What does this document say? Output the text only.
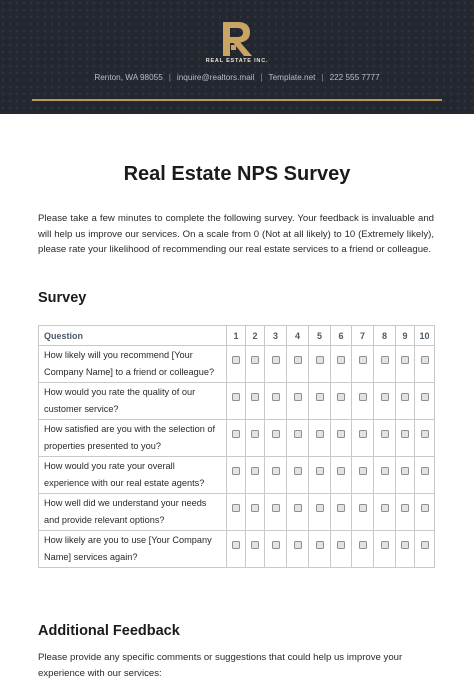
REAL ESTATE INC.
Renton, WA 98055 | inquire@realtors.mail | Template.net | 222 555 7777
Real Estate NPS Survey
Please take a few minutes to complete the following survey. Your feedback is invaluable and will help us improve our services. On a scale from 0 (Not at all likely) to 10 (Extremely likely), please rate your likelihood of recommending our real estate services to a friend or colleague.
Survey
Question	1	2	3	4	5	6	7	8	9	10
How likely will you recommend [Your Company Name] to a friend or colleague?										
How would you rate the quality of our customer service?										
How satisfied are you with the selection of properties presented to you?										
How would you rate your overall experience with our real estate agents?										
How well did we understand your needs and provide relevant options?										
How likely are you to use [Your Company Name] services again?										
Additional Feedback
Please provide any specific comments or suggestions that could help us improve your experience with our services:
